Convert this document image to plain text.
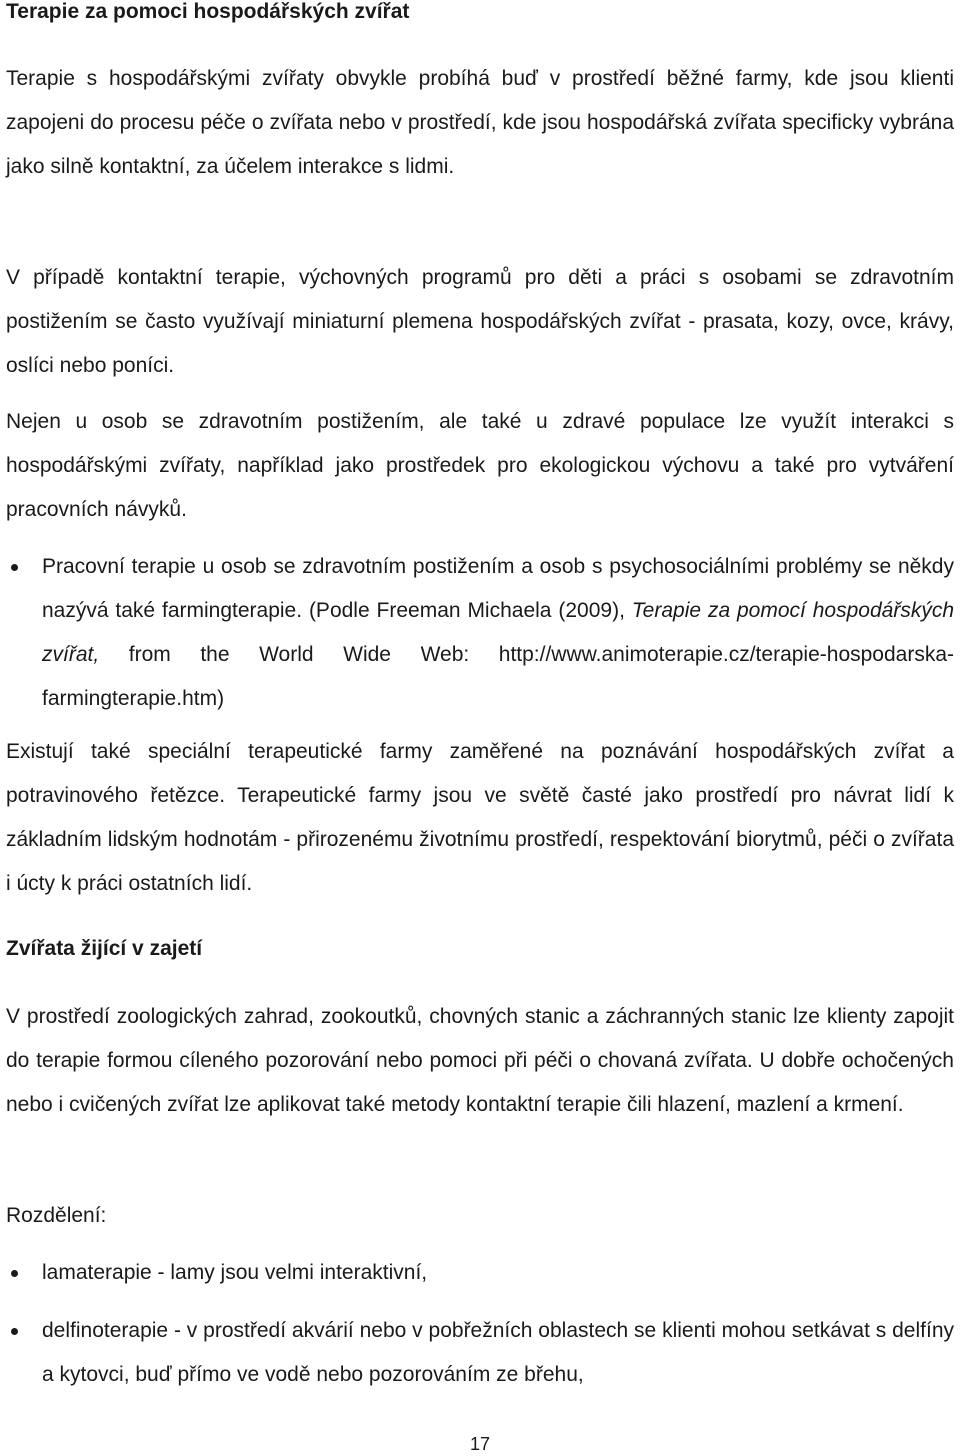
Terapie za pomoci hospodářských zvířat

Terapie s hospodářskými zvířaty obvykle probíhá buď v prostředí běžné farmy, kde jsou klienti zapojeni do procesu péče o zvířata nebo v prostředí, kde jsou hospodářská zvířata specificky vybrána jako silně kontaktní, za účelem interakce s lidmi.

V případě kontaktní terapie, výchovných programů pro děti a práci s osobami se zdravotním postižením se často využívají miniaturní plemena hospodářských zvířat - prasata, kozy, ovce, krávy, oslíci nebo poníci.

Nejen u osob se zdravotním postižením, ale také u zdravé populace lze využít interakci s hospodářskými zvířaty, například jako prostředek pro ekologickou výchovu a také pro vytváření pracovních návyků.

Pracovní terapie u osob se zdravotním postižením a osob s psychosociálními problémy se někdy nazývá také farmingterapie. (Podle Freeman Michaela (2009), Terapie za pomocí hospodářských zvířat, from the World Wide Web: http://www.animoterapie.cz/terapie-hospodarska-farmingterapie.htm)

Existují také speciální terapeutické farmy zaměřené na poznávání hospodářských zvířat a potravinového řetězce. Terapeutické farmy jsou ve světě časté jako prostředí pro návrat lidí k základním lidským hodnotám - přirozenému životnímu prostředí, respektování biorytmů, péči o zvířata i úcty k práci ostatních lidí.

Zvířata žijící v zajetí

V prostředí zoologických zahrad, zookoutků, chovných stanic a záchranných stanic lze klienty zapojit do terapie formou cíleného pozorování nebo pomoci při péči o chovaná zvířata. U dobře ochočených nebo i cvičených zvířat lze aplikovat také metody kontaktní terapie čili hlazení, mazlení a krmení.

Rozdělení:

lamaterapie - lamy jsou velmi interaktivní,
delfinoterapie - v prostředí akvárií nebo v pobřežních oblastech se klienti mohou setkávat s delfíny a kytovci, buď přímo ve vodě nebo pozorováním ze břehu,
17
